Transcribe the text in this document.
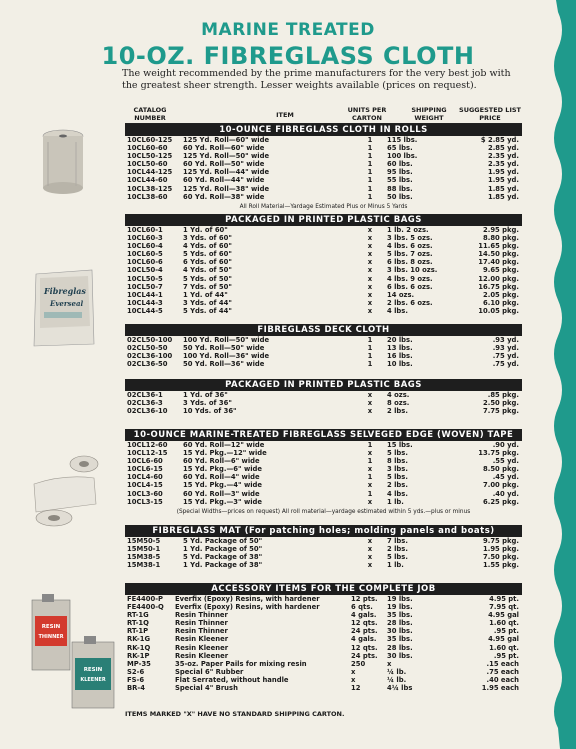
MARINE TREATED
10-OZ. FIBREGLASS CLOTH
The weight recommended by the prime manufacturers for the very best job with the greatest sheer strength. Lesser weights available (prices on request).
Fibreglas
Everseal
RESIN
THINNER
RESIN
KLEENER
CATALOG NUMBER	ITEM
UNITS PER CARTON
SHIPPING WEIGHT
SUGGESTED LIST PRICE
10-OUNCE FIBREGLASS CLOTH IN ROLLS
10CL60-125 125 Yd. Roll—60" wide	1	115 lbs.	$ 2.85 yd.
10CL60-60 60 Yd. Roll—60" wide	1	65 lbs.	2.85 yd.
10CL50-125 125 Yd. Roll—50" wide	1	100 lbs.	2.35 yd.
10CL50-60 60 Yd. Roll—50" wide	1	60 lbs.	2.35 yd.
10CL44-125 125 Yd. Roll—44" wide	1	95 lbs.	1.95 yd.
10CL44-60 60 Yd. Roll—44" wide	1	55 lbs.	1.95 yd.
10CL38-125 125 Yd. Roll—38" wide	1	88 lbs.	1.85 yd.
10CL38-60 60 Yd. Roll—38" wide	1	50 lbs.	1.85 yd.
All Roll Material—Yardage Estimated Plus or Minus 5 Yards
PACKAGED IN PRINTED PLASTIC BAGS
10CL60-1	1 Yd. of 60"	x	1 lb. 2 ozs.	2.95 pkg.
10CL60-3	3 Yds. of 60"	x	3 lbs. 5 ozs.	8.80 pkg.
10CL60-4	4 Yds. of 60"	x	4 lbs. 6 ozs.	11.65 pkg.
10CL60-5	5 Yds. of 60"	x	5 lbs. 7 ozs.	14.50 pkg.
10CL60-6	6 Yds. of 60"	x	6 lbs. 8 ozs.	17.40 pkg.
10CL50-4	4 Yds. of 50"	x	3 lbs. 10 ozs.	9.65 pkg.
10CL50-5	5 Yds. of 50"	x	4 lbs. 9 ozs.	12.00 pkg.
10CL50-7	7 Yds. of 50"	x	6 lbs. 6 ozs.	16.75 pkg.
10CL44-1	1 Yd. of 44"	x	14 ozs.	2.05 pkg.
10CL44-3	3 Yds. of 44"	x	2 lbs. 6 ozs.	6.10 pkg.
10CL44-5	5 Yds. of 44"	x	4 lbs.	10.05 pkg.
FIBREGLASS DECK CLOTH
02CL50-100 100 Yd. Roll—50" wide	1	20 lbs.	.93 yd.
02CL50-50 50 Yd. Roll—50" wide	1	13 lbs.	.93 yd.
02CL36-100 100 Yd. Roll—36" wide	1	16 lbs.	.75 yd.
02CL36-50 50 Yd. Roll—36" wide	1	10 lbs.	.75 yd.
PACKAGED IN PRINTED PLASTIC BAGS
02CL36-1	1 Yd. of 36"	x	4 ozs.	.85 pkg.
02CL36-3	3 Yds. of 36"	x	8 ozs.	2.50 pkg.
02CL36-10 10 Yds. of 36"	x	2 lbs.	7.75 pkg.
10-OUNCE MARINE-TREATED FIBREGLASS SELVEGED EDGE (WOVEN) TAPE
10CL12-60 60 Yd. Roll—12" wide	1	15 lbs.	.90 yd.
10CL12-15 15 Yd. Pkg.—12" wide	x	5 lbs.	13.75 pkg.
10CL6-60	60 Yd. Roll—6" wide	1	8 lbs.	.55 yd.
10CL6-15	15 Yd. Pkg.—6" wide	x	3 lbs.	8.50 pkg.
10CL4-60	60 Yd. Roll—4" wide	1	5 lbs.	.45 yd.
10CL4-15	15 Yd. Pkg.—4" wide	x	2 lbs.	7.00 pkg.
10CL3-60	60 Yd. Roll—3" wide	1	4 lbs.	.40 yd.
10CL3-15	15 Yd. Pkg.—3" wide	x	1 lb.	6.25 pkg.
(Special Widths—prices on request) All roll material—yardage estimated within 5 yds.—plus or minus
FIBREGLASS MAT (For patching holes; molding panels and boats)
15M50-5	5 Yd. Package of 50"	x	7 lbs.	9.75 pkg.
15M50-1	1 Yd. Package of 50"	x	2 lbs.	1.95 pkg.
15M38-5	5 Yd. Package of 38"	x	5 lbs.	7.50 pkg.
15M38-1	1 Yd. Package of 38"	x	1 lb.	1.55 pkg.
ACCESSORY ITEMS FOR THE COMPLETE JOB
FE4400-P Everfix (Epoxy) Resins, with hardener	12 pts. 19 lbs.	4.95 pt.
FE4400-Q Everfix (Epoxy) Resins, with hardener	6 qts.	19 lbs.	7.95 qt.
RT-1G	Resin Thinner	4 gals. 35 lbs.	4.95 gal
RT-1Q	Resin Thinner	12 qts. 28 lbs.	1.60 qt.
RT-1P	Resin Thinner	24 pts. 30 lbs.	.95 pt.
RK-1G	Resin Kleener	4 gals. 35 lbs.	4.95 gal
RK-1Q	Resin Kleener	12 qts. 28 lbs.	1.60 qt.
RK-1P	Resin Kleener	24 pts. 30 lbs.	.95 pt.
MP-35	35-oz. Paper Pails for mixing resin	250	x	.15 each
S2-6	Special 6" Rubber	x	¼ lb.	.75 each
FS-6	Flat Serrated, without handle	x	¼ lb.	.40 each
BR-4	Special 4" Brush	12	4¼ lbs	1.95 each
ITEMS MARKED "X" HAVE NO STANDARD SHIPPING CARTON.
